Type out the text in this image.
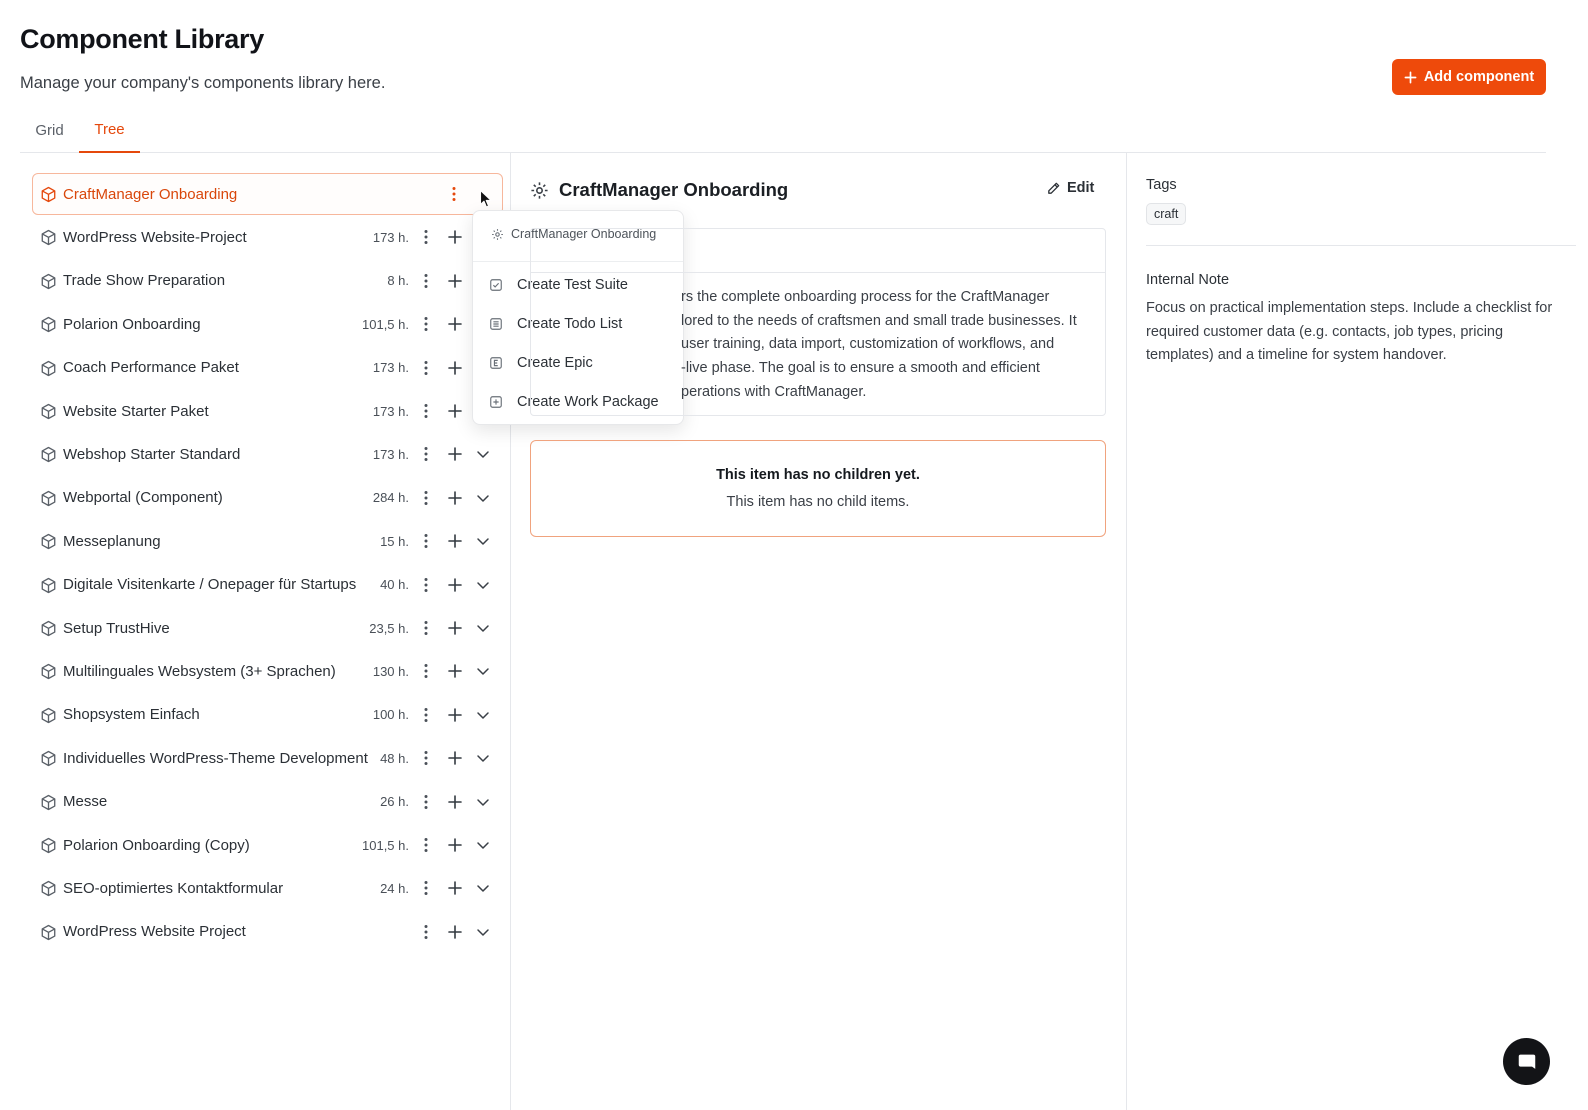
Component Library
Manage your company's components library here.	Add component
Grid	Tree
CraftManager Onboarding
WordPress Website-Project	173 h.
Trade Show Preparation	8 h.
Polarion Onboarding	101,5 h.
Coach Performance Paket	173 h.
Website Starter Paket	173 h.
Webshop Starter Standard	173 h.
Webportal (Component)	284 h.
Messeplanung	15 h.
Digitale Visitenkarte / Onepager für Startups 40 h.
Setup TrustHive	23,5 h.
Multilinguales Websystem (3+ Sprachen)	130 h.
Shopsystem Einfach	100 h.
Individuelles WordPress-Theme Development 48 h.
Messe	26 h.
Polarion Onboarding (Copy)	101,5 h.
SEO-optimiertes Kontaktformular	24 h.
WordPress Website Project
CraftManager Onboarding
Create Test Suite
Create Todo List
Create Epic
Create Work Package
CraftManager Onboarding	Edit
rs the complete onboarding process for the CraftManager
lored to the needs of craftsmen and small trade businesses. It
user training, data import, customization of workflows, and
-live phase. The goal is to ensure a smooth and efficient
perations with CraftManager.
This item has no children yet.
This item has no child items.
Tags
craft
Internal Note
Focus on practical implementation steps. Include a checklist for required customer data (e.g. contacts, job types, pricing templates) and a timeline for system handover.
